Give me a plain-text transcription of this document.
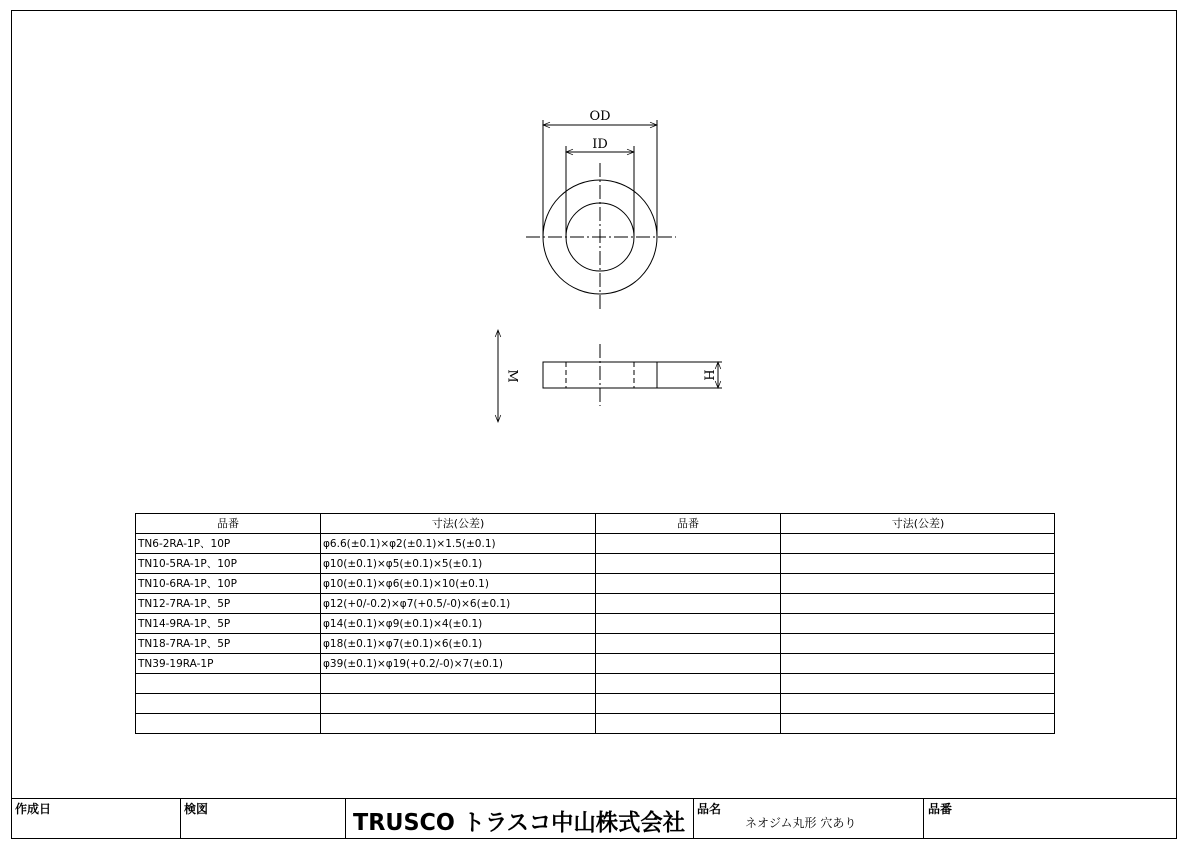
OD
ID
H
M
品番	寸法(公差)	品番	寸法(公差)
TN6-2RA-1P、10P	φ6.6(±0.1)×φ2(±0.1)×1.5(±0.1)
TN10-5RA-1P、10P	φ10(±0.1)×φ5(±0.1)×5(±0.1)
TN10-6RA-1P、10P	φ10(±0.1)×φ6(±0.1)×10(±0.1)
TN12-7RA-1P、5P	φ12(+0/-0.2)×φ7(+0.5/-0)×6(±0.1)
TN14-9RA-1P、5P	φ14(±0.1)×φ9(±0.1)×4(±0.1)
TN18-7RA-1P、5P	φ18(±0.1)×φ7(±0.1)×6(±0.1)
TN39-19RA-1P	φ39(±0.1)×φ19(+0.2/-0)×7(±0.1)
作成日	検図
TRUSCO トラスコ中山株式会社
品名
ネオジム丸形 穴あり
品番
